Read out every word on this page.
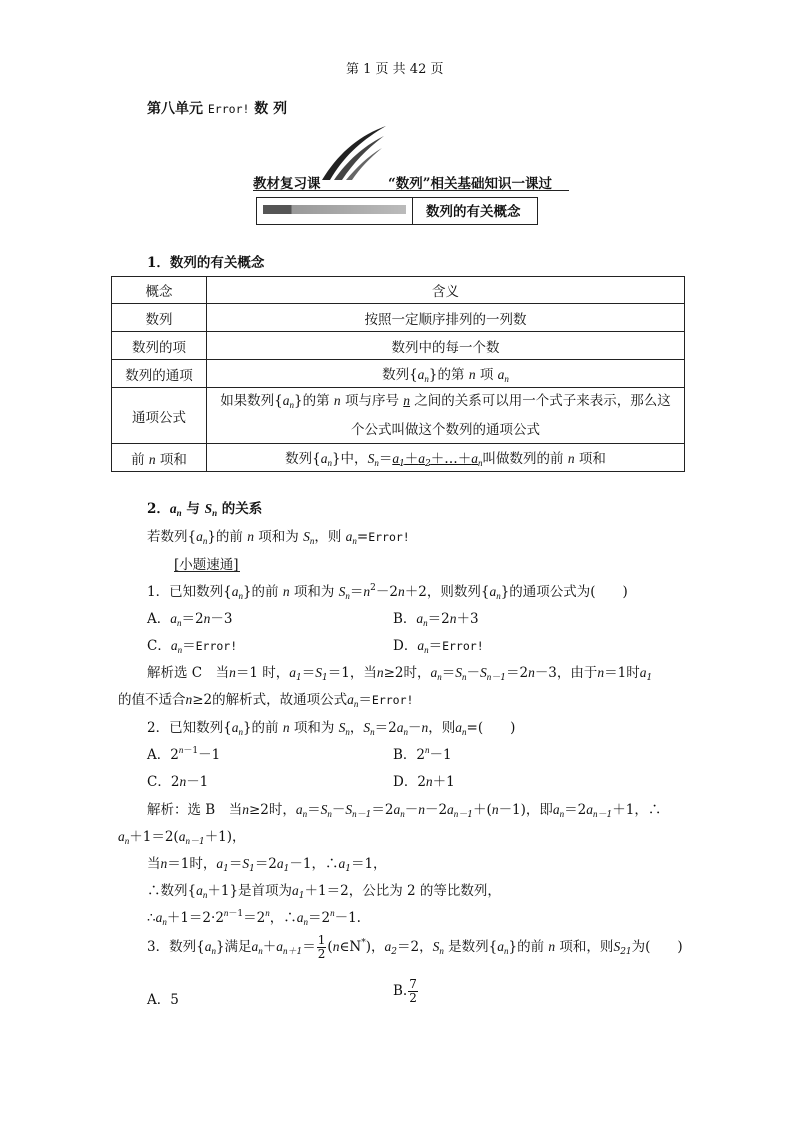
第 1 页 共 42 页
第八单元 Error! 数 列
教材复习课	“数列”相关基础知识一课过
数列的有关概念
1．数列的有关概念
概念	含义
数列	按照一定顺序排列的一列数
数列的项	数列中的每一个数
数列的通项	数列$\{a_n\}$的第 n 项 $a_n$
通项公式	如果数列$\{a_n\}$的第 n 项与序号 n 之间的关系可以用一个式子来表示，那么这
个公式叫做这个数列的通项公式
前 n 项和	数列$\{a_n\}$中，$S_n=a_1+a_2+\dots+a_n$叫做数列的前 n 项和
2．$a_n$ 与 $S_n$ 的关系
若数列$\{a_n\}$的前 n 项和为 $S_n$，则 $a_n=Error$!
[小题速通]
1．已知数列$\{a_n\}$的前 n 项和为 $S_n=n^2-2n+2$，则数列$\{a_n\}$的通项公式为(　　)
A．$a_n=2n-3$	B．$a_n=2n+3$
C．$a_n=Error$!	D．$a_n=Error$!
解析选 C　当n＝1 时，$a_1=S_1=1$，当n≥2时，$a_n=S_n-S_{n-1}=2n-3$，由于n＝1时$a_1$
的值不适合n≥2的解析式，故通项公式$a_n=Error$!
2．已知数列$\{a_n\}$的前 n 项和为 $S_n$，$S_n=2a_n-n$，则$a_n=$(　　)
A．$2^{n-1}-1$	B．$2^n-1$
C．2n－1	D．2n＋1
解析：选 B　当n≥2时，$a_n=S_n-S_{n-1}=2a_n-n-2a_{n-1}+(n-1)$，即$a_n=2a_{n-1}+1$，∴
$a_n+1=2(a_{n-1}+1)$，
当n＝1时，$a_1=S_1=2a_1-1$，$\therefore a_1=1$，
∴数列$\{a_n+1\}$是首项为$a_1+1=2$，公比为 2 的等比数列，
$\therefore a_n+1=2\cdot 2^{n-1}=2^n$，$\therefore a_n=2^n-1$.
3．数列$\{a_n\}$满足$a_n+a_{n+1}= \frac{1}{2}$ (n∈N*)，$a_2=2$，$S_n$ 是数列$\{a_n\}$的前 n 项和，则$S_{21}$为(　　)
A．5
B. $\frac{7}{2}$
